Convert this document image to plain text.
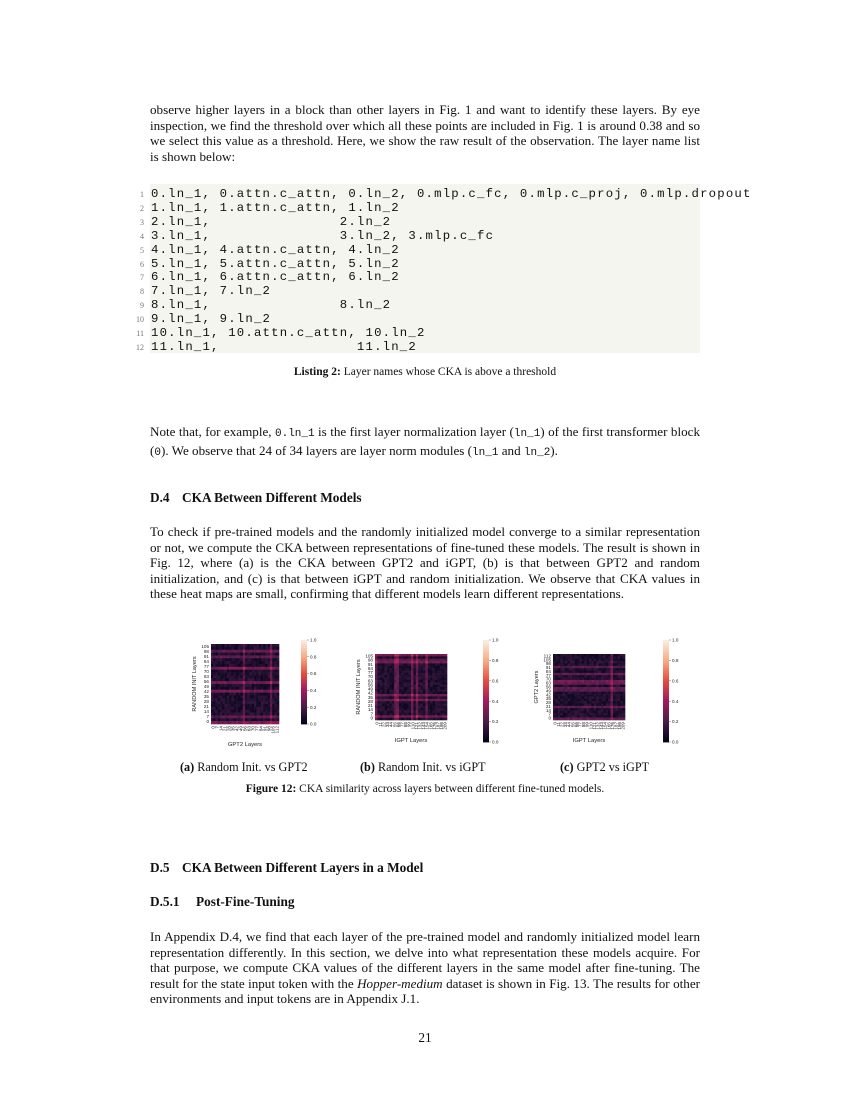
observe higher layers in a block than other layers in Fig. 1 and want to identify these layers. By eye inspection, we find the threshold over which all these points are included in Fig. 1 is around 0.38 and so we select this value as a threshold. Here, we show the raw result of the observation. The layer name list is shown below:

1 0.ln_1, 0.attn.c_attn, 0.ln_2, 0.mlp.c_fc, 0.mlp.c_proj, 0.mlp.dropout
2 1.ln_1, 1.attn.c_attn, 1.ln_2
3 2.ln_1,               2.ln_2
4 3.ln_1,               3.ln_2, 3.mlp.c_fc
5 4.ln_1, 4.attn.c_attn, 4.ln_2
6 5.ln_1, 5.attn.c_attn, 5.ln_2
7 6.ln_1, 6.attn.c_attn, 6.ln_2
8 7.ln_1, 7.ln_2
9 8.ln_1,               8.ln_2
10 9.ln_1, 9.ln_2
11 10.ln_1, 10.attn.c_attn, 10.ln_2
12 11.ln_1,                11.ln_2
Listing 2: Layer names whose CKA is above a threshold

Note that, for example, 0.ln_1 is the first layer normalization layer (ln_1) of the first transformer block (0). We observe that 24 of 34 layers are layer norm modules (ln_1 and ln_2).

D.4 CKA Between Different Models

To check if pre-trained models and the randomly initialized model converge to a similar representation or not, we compute the CKA between representations of fine-tuned these models. The result is shown in Fig. 12, where (a) is the CKA between GPT2 and iGPT, (b) is that between GPT2 and random initialization, and (c) is that between iGPT and random initialization. We observe that CKA values in these heat maps are small, confirming that different models learn different representations.

0
7
14
21
28
35
42
49
56
63
70
77
84
91
98
105
0 7 14 21 28 35 42 49 56 63 70 77 84 91 98 105 112
GPT2 Layers
RANDOM INIT Layers
0.0
0.2
0.4
0.6
0.8
1.0
0
7
14
21
28
35
42
49
56
63
70
77
84
91
98
105
0
11
22
33
44
55
66
77
88
99
110
121
132
143
154
165
176
187
198
209
IGPT Layers
RANDOM INIT Layers
0.0
0.2
0.4
0.6
0.8
1.0
0
7
14
21
28
35
42
49
56
63
70
77
84
91
98
105
112
0
11
22
33
44
55
66
77
88
99
110
121
132
143
154
165
176
187
198
209
IGPT Layers
GPT2 Layers
0.0
0.2
0.4
0.6
0.8
1.0
(a) Random Init. vs GPT2	(b) Random Init. vs iGPT	(c) GPT2 vs iGPT
Figure 12: CKA similarity across layers between different fine-tuned models.
D.5 CKA Between Different Layers in a Model
D.5.1 Post-Fine-Tuning

In Appendix D.4, we find that each layer of the pre-trained model and randomly initialized model learn representation differently. In this section, we delve into what representation these models acquire. For that purpose, we compute CKA values of the different layers in the same model after fine-tuning. The result for the state input token with the Hopper-medium dataset is shown in Fig. 13. The results for other environments and input tokens are in Appendix J.1.

21
